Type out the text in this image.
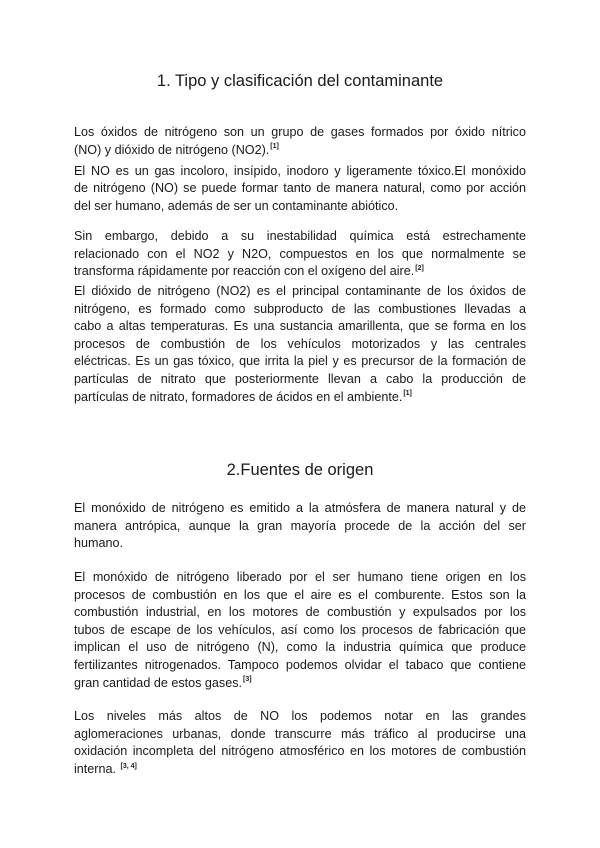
1. Tipo y clasificación del contaminante

Los óxidos de nitrógeno son un grupo de gases formados por óxido nítrico
(NO) y dióxido de nitrógeno (NO2).[1]

El NO es un gas incoloro, insípido, inodoro y ligeramente tóxico.El monóxido
de nitrógeno (NO) se puede formar tanto de manera natural, como por acción
del ser humano, además de ser un contaminante abiótico.

Sin embargo, debido a su inestabilidad química está estrechamente
relacionado con el NO2 y N2O, compuestos en los que normalmente se
transforma rápidamente por reacción con el oxígeno del aire.[2]

El dióxido de nitrógeno (NO2) es el principal contaminante de los óxidos de
nitrógeno, es formado como subproducto de las combustiones llevadas a
cabo a altas temperaturas. Es una sustancia amarillenta, que se forma en los
procesos de combustión de los vehículos motorizados y las centrales
eléctricas. Es un gas tóxico, que irrita la piel y es precursor de la formación de
partículas de nitrato que posteriormente llevan a cabo la producción de
partículas de nitrato, formadores de ácidos en el ambiente.[1]

2.Fuentes de origen

El monóxido de nitrógeno es emitido a la atmósfera de manera natural y de
manera antrópica, aunque la gran mayoría procede de la acción del ser
humano.

El monóxido de nitrógeno liberado por el ser humano tiene origen en los
procesos de combustión en los que el aire es el comburente. Estos son la
combustión industrial, en los motores de combustión y expulsados por los
tubos de escape de los vehículos, así como los procesos de fabricación que
implican el uso de nitrógeno (N), como la industria química que produce
fertilizantes nitrogenados. Tampoco podemos olvidar el tabaco que contiene
gran cantidad de estos gases.[3]

Los niveles más altos de NO los podemos notar en las grandes
aglomeraciones urbanas, donde transcurre más tráfico al producirse una
oxidación incompleta del nitrógeno atmosférico en los motores de combustión
interna. [3, 4]
